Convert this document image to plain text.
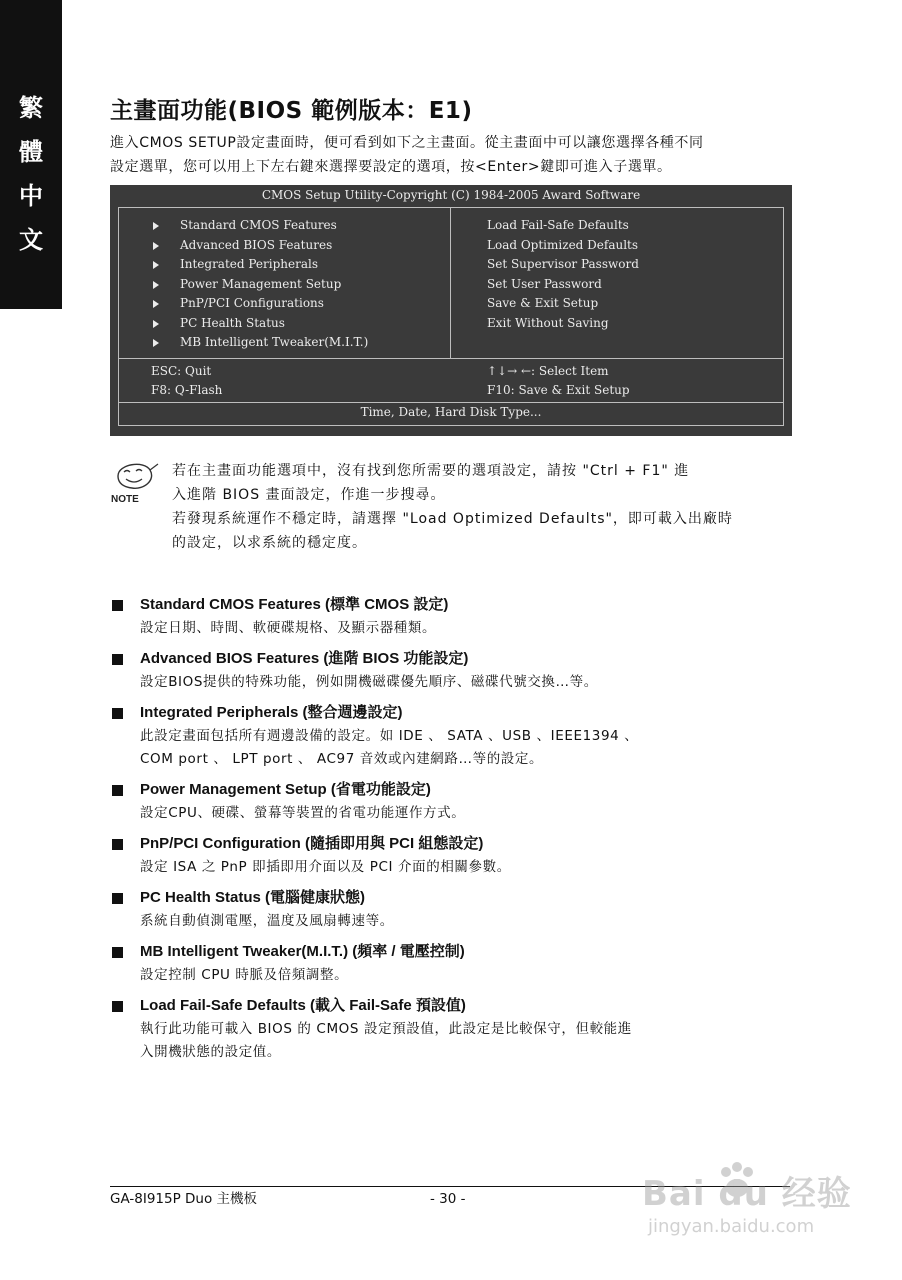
繁
體
中
文
主畫面功能(BIOS 範例版本：E1)
進入CMOS SETUP設定畫面時，便可看到如下之主畫面。從主畫面中可以讓您選擇各種不同
設定選單，您可以用上下左右鍵來選擇要設定的選項，按<Enter>鍵即可進入子選單。
CMOS Setup Utility-Copyright (C) 1984-2005 Award Software
Standard CMOS Features
Advanced BIOS Features
Integrated Peripherals
Power Management Setup
PnP/PCI Configurations
PC Health Status
MB Intelligent Tweaker(M.I.T.)
Load Fail-Safe Defaults
Load Optimized Defaults
Set Supervisor Password
Set User Password
Save & Exit Setup
Exit Without Saving
ESC: Quit
F8: Q-Flash
↑↓→ ←: Select Item
F10: Save & Exit Setup
Time, Date, Hard Disk Type...
NOTE
若在主畫面功能選項中，沒有找到您所需要的選項設定，請按 "Ctrl + F1" 進
入進階 BIOS 畫面設定，作進一步搜尋。
若發現系統運作不穩定時，請選擇 "Load Optimized Defaults"，即可載入出廠時
的設定，以求系統的穩定度。
Standard CMOS Features (標準 CMOS 設定)

設定日期、時間、軟硬碟規格、及顯示器種類。

Advanced BIOS Features (進階 BIOS 功能設定)

設定BIOS提供的特殊功能，例如開機磁碟優先順序、磁碟代號交換…等。

Integrated Peripherals (整合週邊設定)

此設定畫面包括所有週邊設備的設定。如 IDE 、 SATA 、USB 、IEEE1394 、

COM port 、 LPT port 、 AC97 音效或內建網路…等的設定。

Power Management Setup (省電功能設定)

設定CPU、硬碟、螢幕等裝置的省電功能運作方式。

PnP/PCI Configuration (隨插即用與 PCI 組態設定)

設定 ISA 之 PnP 即插即用介面以及 PCI 介面的相關參數。

PC Health Status (電腦健康狀態)

系統自動偵測電壓，溫度及風扇轉速等。

MB Intelligent Tweaker(M.I.T.) (頻率 / 電壓控制)

設定控制 CPU 時脈及倍頻調整。

Load Fail-Safe Defaults (載入 Fail-Safe 預設值)

執行此功能可載入 BIOS 的 CMOS 設定預設值，此設定是比較保守，但較能進

入開機狀態的設定值。

GA-8I915P Duo 主機板	- 30 -	Bai du 经验
jingyan.baidu.com
